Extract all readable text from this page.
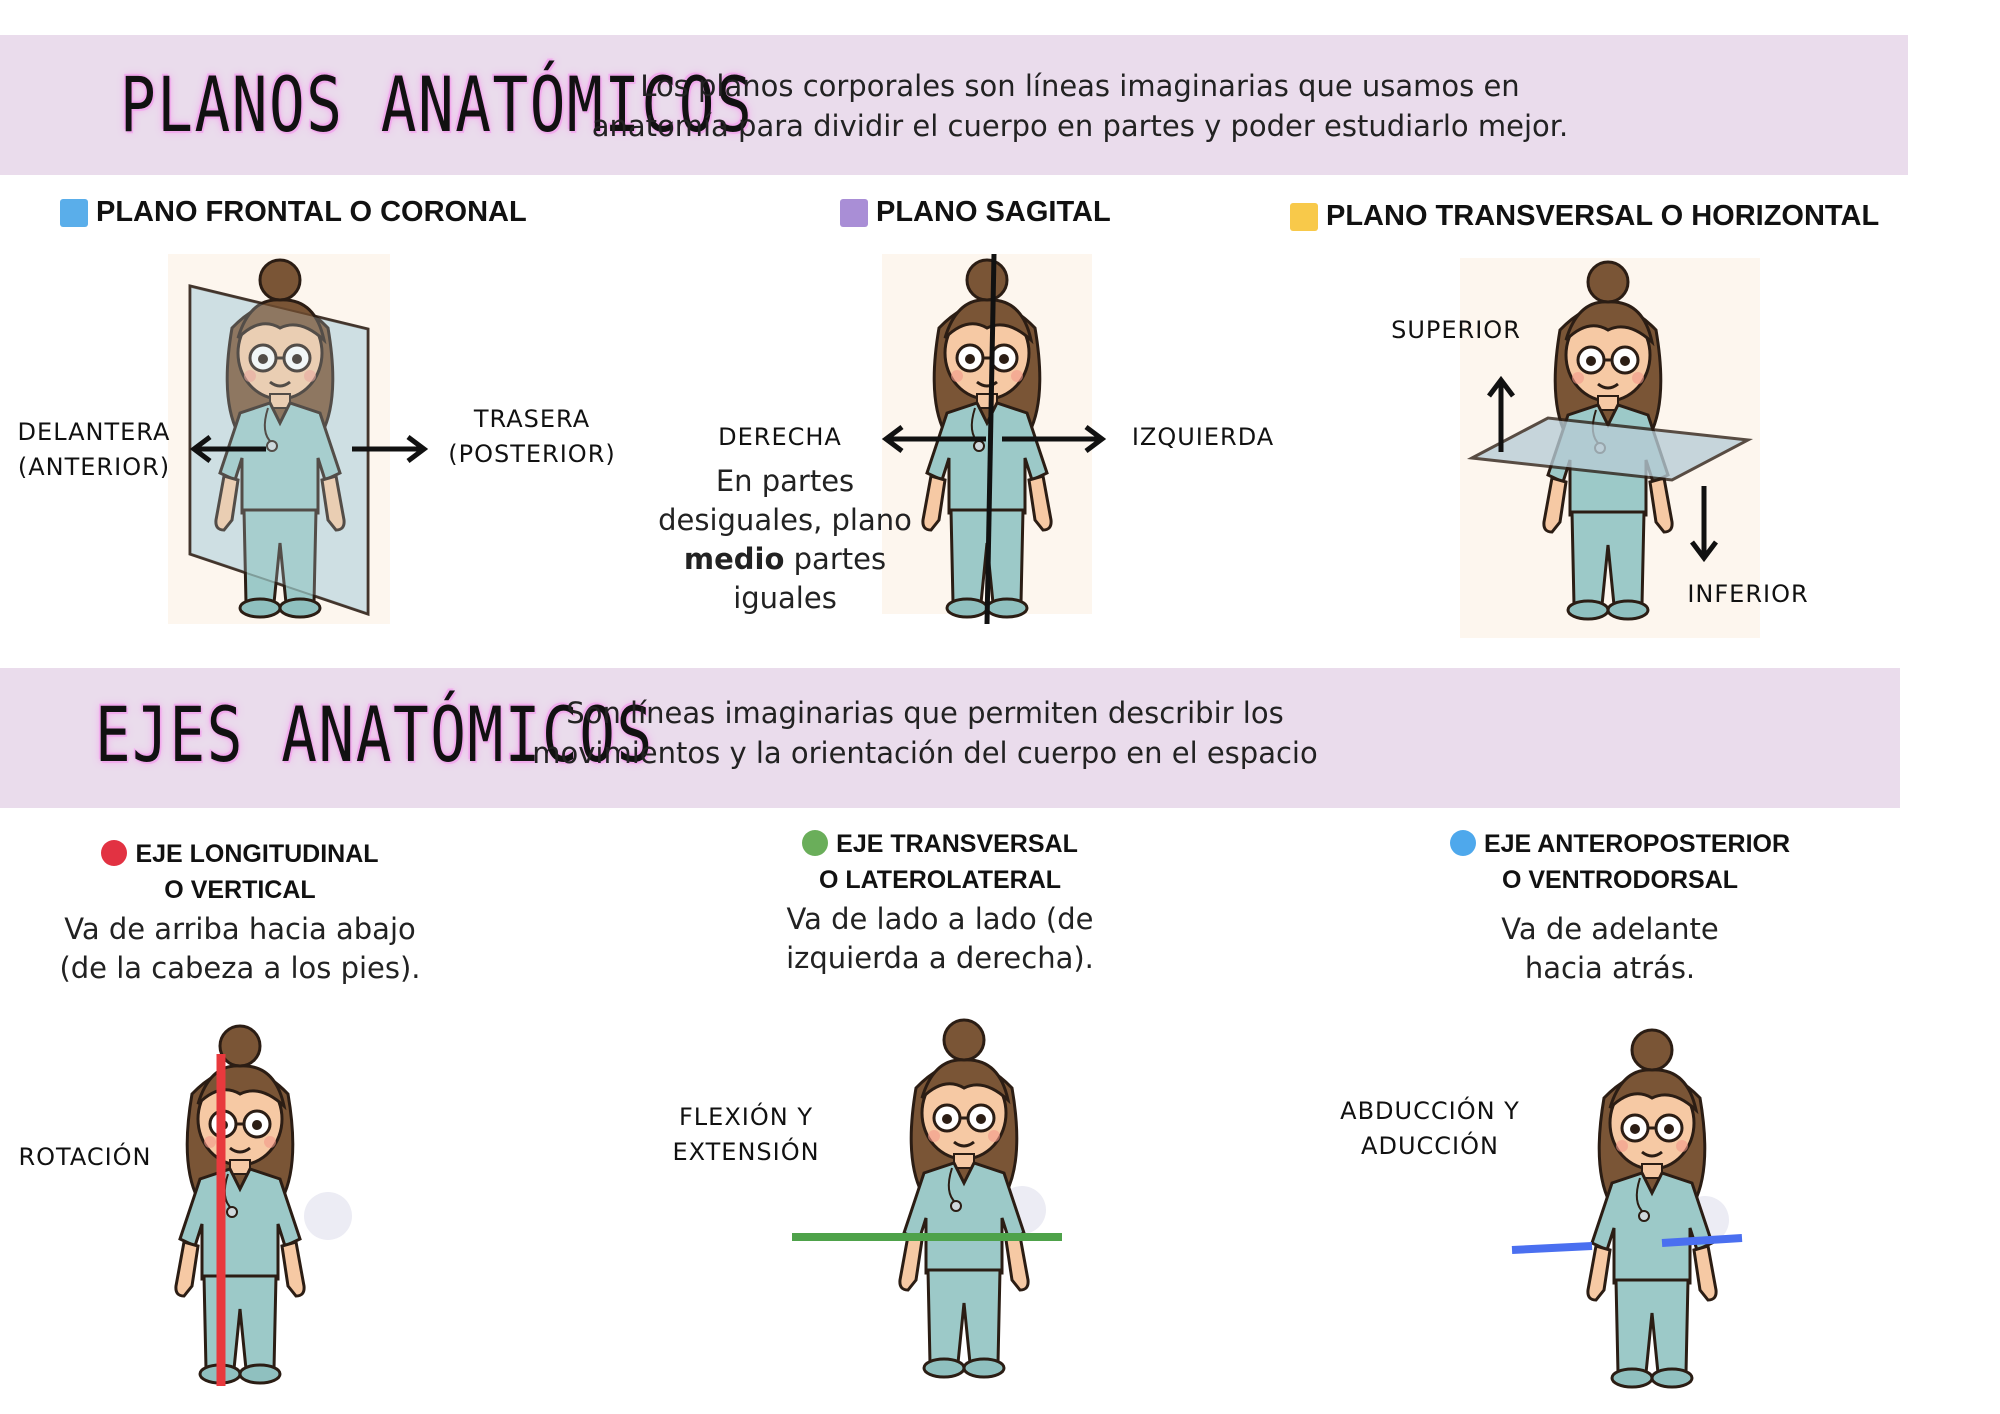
PLANOS ANATÓMICOS
Los planos corporales son líneas imaginarias que usamos en
anatomía para dividir el cuerpo en partes y poder estudiarlo mejor.
PLANO FRONTAL O CORONAL
DELANTERA
(ANTERIOR)
TRASERA
(POSTERIOR)
PLANO SAGITAL
DERECHA	IZQUIERDA
En partes
desiguales, plano
medio partes
iguales
PLANO TRANSVERSAL O HORIZONTAL
SUPERIOR
INFERIOR
EJES ANATÓMICOS
Son líneas imaginarias que permiten describir los
movimientos y la orientación del cuerpo en el espacio
EJE LONGITUDINAL
O VERTICAL
Va de arriba hacia abajo
(de la cabeza a los pies).
ROTACIÓN
EJE TRANSVERSAL
O LATEROLATERAL
Va de lado a lado (de
izquierda a derecha).
FLEXIÓN Y
EXTENSIÓN
EJE ANTEROPOSTERIOR
O VENTRODORSAL
Va de adelante
hacia atrás.
ABDUCCIÓN Y
ADUCCIÓN
